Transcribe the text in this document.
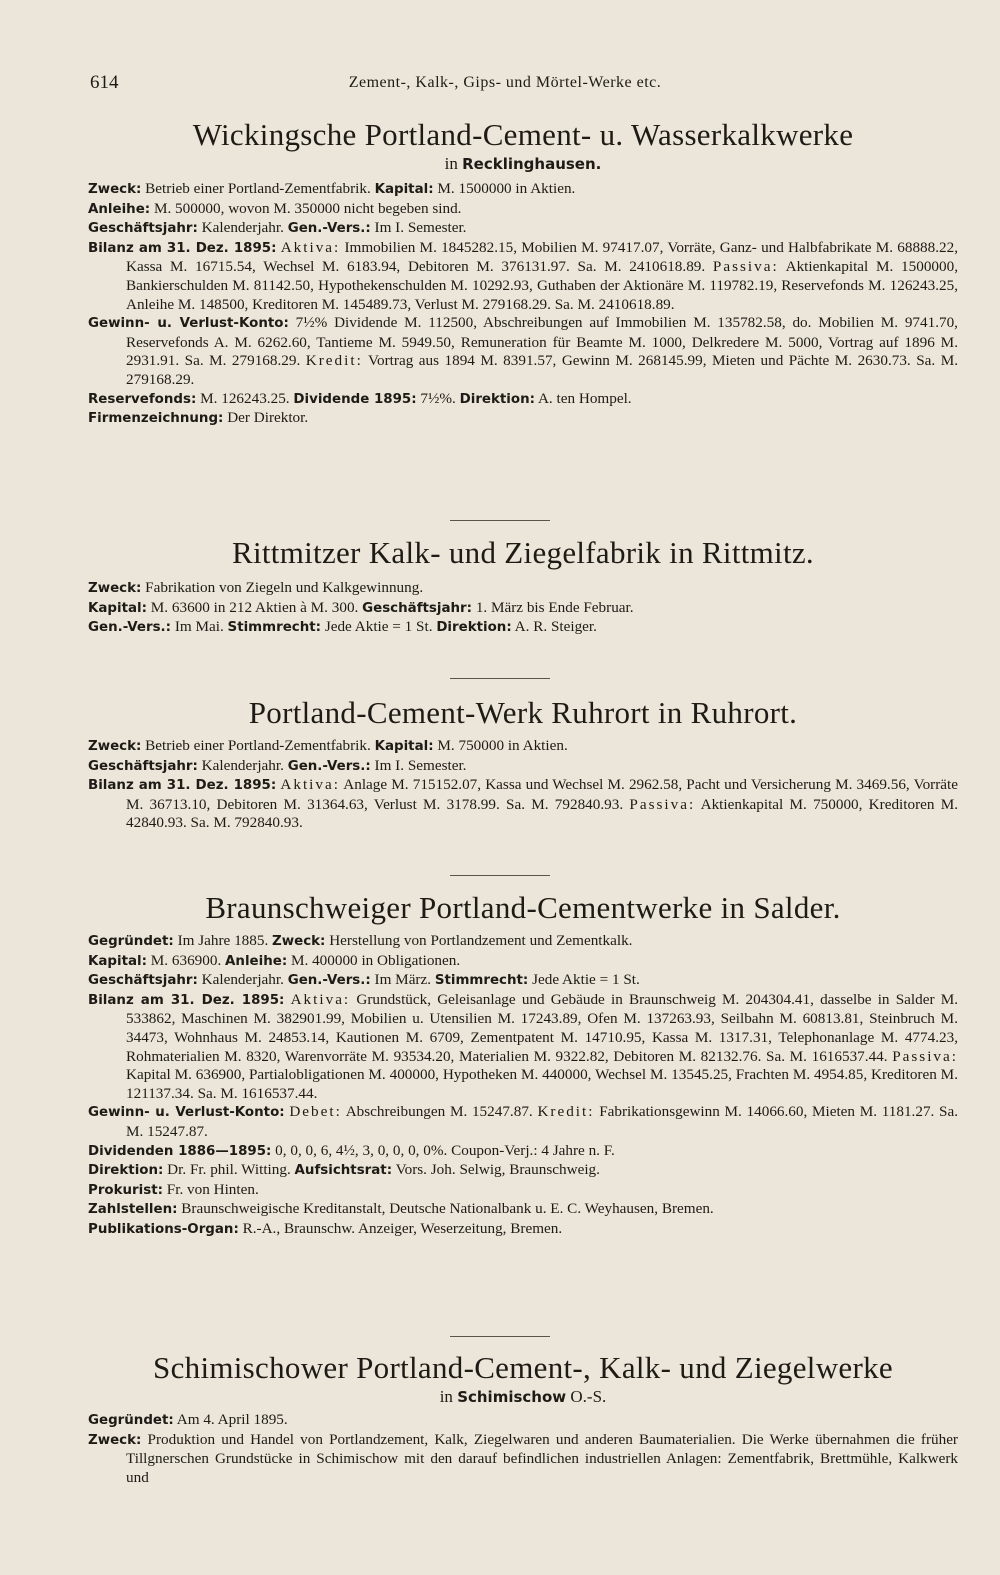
614	Zement-, Kalk-, Gips- und Mörtel-Werke etc.
Wickingsche Portland-Cement- u. Wasserkalkwerke
in Recklinghausen.
Zweck: Betrieb einer Portland-Zementfabrik. Kapital: M. 1500000 in Aktien.
Anleihe: M. 500000, wovon M. 350000 nicht begeben sind.
Geschäftsjahr: Kalenderjahr. Gen.-Vers.: Im I. Semester.
Bilanz am 31. Dez. 1895: Aktiva: Immobilien M. 1845282.15, Mobilien M. 97417.07, Vorräte, Ganz- und Halbfabrikate M. 68888.22, Kassa M. 16715.54, Wechsel M. 6183.94, Debitoren M. 376131.97. Sa. M. 2410618.89. Passiva: Aktienkapital M. 1500000, Bankierschulden M. 81142.50, Hypothekenschulden M. 10292.93, Guthaben der Aktionäre M. 119782.19, Reservefonds M. 126243.25, Anleihe M. 148500, Kreditoren M. 145489.73, Verlust M. 279168.29. Sa. M. 2410618.89.
Gewinn- u. Verlust-Konto: 7½% Dividende M. 112500, Abschreibungen auf Immobilien M. 135782.58, do. Mobilien M. 9741.70, Reservefonds A. M. 6262.60, Tantieme M. 5949.50, Remuneration für Beamte M. 1000, Delkredere M. 5000, Vortrag auf 1896 M. 2931.91. Sa. M. 279168.29. Kredit: Vortrag aus 1894 M. 8391.57, Gewinn M. 268145.99, Mieten und Pächte M. 2630.73. Sa. M. 279168.29.
Reservefonds: M. 126243.25. Dividende 1895: 7½%. Direktion: A. ten Hompel.
Firmenzeichnung: Der Direktor.
Rittmitzer Kalk- und Ziegelfabrik in Rittmitz.
Zweck: Fabrikation von Ziegeln und Kalkgewinnung.
Kapital: M. 63600 in 212 Aktien à M. 300. Geschäftsjahr: 1. März bis Ende Februar.
Gen.-Vers.: Im Mai. Stimmrecht: Jede Aktie = 1 St. Direktion: A. R. Steiger.
Portland-Cement-Werk Ruhrort in Ruhrort.
Zweck: Betrieb einer Portland-Zementfabrik. Kapital: M. 750000 in Aktien.
Geschäftsjahr: Kalenderjahr. Gen.-Vers.: Im I. Semester.
Bilanz am 31. Dez. 1895: Aktiva: Anlage M. 715152.07, Kassa und Wechsel M. 2962.58, Pacht und Versicherung M. 3469.56, Vorräte M. 36713.10, Debitoren M. 31364.63, Verlust M. 3178.99. Sa. M. 792840.93. Passiva: Aktienkapital M. 750000, Kreditoren M. 42840.93. Sa. M. 792840.93.
Braunschweiger Portland-Cementwerke in Salder.
Gegründet: Im Jahre 1885. Zweck: Herstellung von Portlandzement und Zementkalk.
Kapital: M. 636900. Anleihe: M. 400000 in Obligationen.
Geschäftsjahr: Kalenderjahr. Gen.-Vers.: Im März. Stimmrecht: Jede Aktie = 1 St.
Bilanz am 31. Dez. 1895: Aktiva: Grundstück, Geleisanlage und Gebäude in Braunschweig M. 204304.41, dasselbe in Salder M. 533862, Maschinen M. 382901.99, Mobilien u. Utensilien M. 17243.89, Ofen M. 137263.93, Seilbahn M. 60813.81, Steinbruch M. 34473, Wohnhaus M. 24853.14, Kautionen M. 6709, Zementpatent M. 14710.95, Kassa M. 1317.31, Telephonanlage M. 4774.23, Rohmaterialien M. 8320, Warenvorräte M. 93534.20, Materialien M. 9322.82, Debitoren M. 82132.76. Sa. M. 1616537.44. Passiva: Kapital M. 636900, Partialobligationen M. 400000, Hypotheken M. 440000, Wechsel M. 13545.25, Frachten M. 4954.85, Kreditoren M. 121137.34. Sa. M. 1616537.44.
Gewinn- u. Verlust-Konto: Debet: Abschreibungen M. 15247.87. Kredit: Fabrikationsgewinn M. 14066.60, Mieten M. 1181.27. Sa. M. 15247.87.
Dividenden 1886—1895: 0, 0, 0, 6, 4½, 3, 0, 0, 0, 0%. Coupon-Verj.: 4 Jahre n. F.
Direktion: Dr. Fr. phil. Witting. Aufsichtsrat: Vors. Joh. Selwig, Braunschweig.
Prokurist: Fr. von Hinten.
Zahlstellen: Braunschweigische Kreditanstalt, Deutsche Nationalbank u. E. C. Weyhausen, Bremen.
Publikations-Organ: R.-A., Braunschw. Anzeiger, Weserzeitung, Bremen.
Schimischower Portland-Cement-, Kalk- und Ziegelwerke
in Schimischow O.-S.
Gegründet: Am 4. April 1895.
Zweck: Produktion und Handel von Portlandzement, Kalk, Ziegelwaren und anderen Baumaterialien. Die Werke übernahmen die früher Tillgnerschen Grundstücke in Schimischow mit den darauf befindlichen industriellen Anlagen: Zementfabrik, Brettmühle, Kalkwerk und
